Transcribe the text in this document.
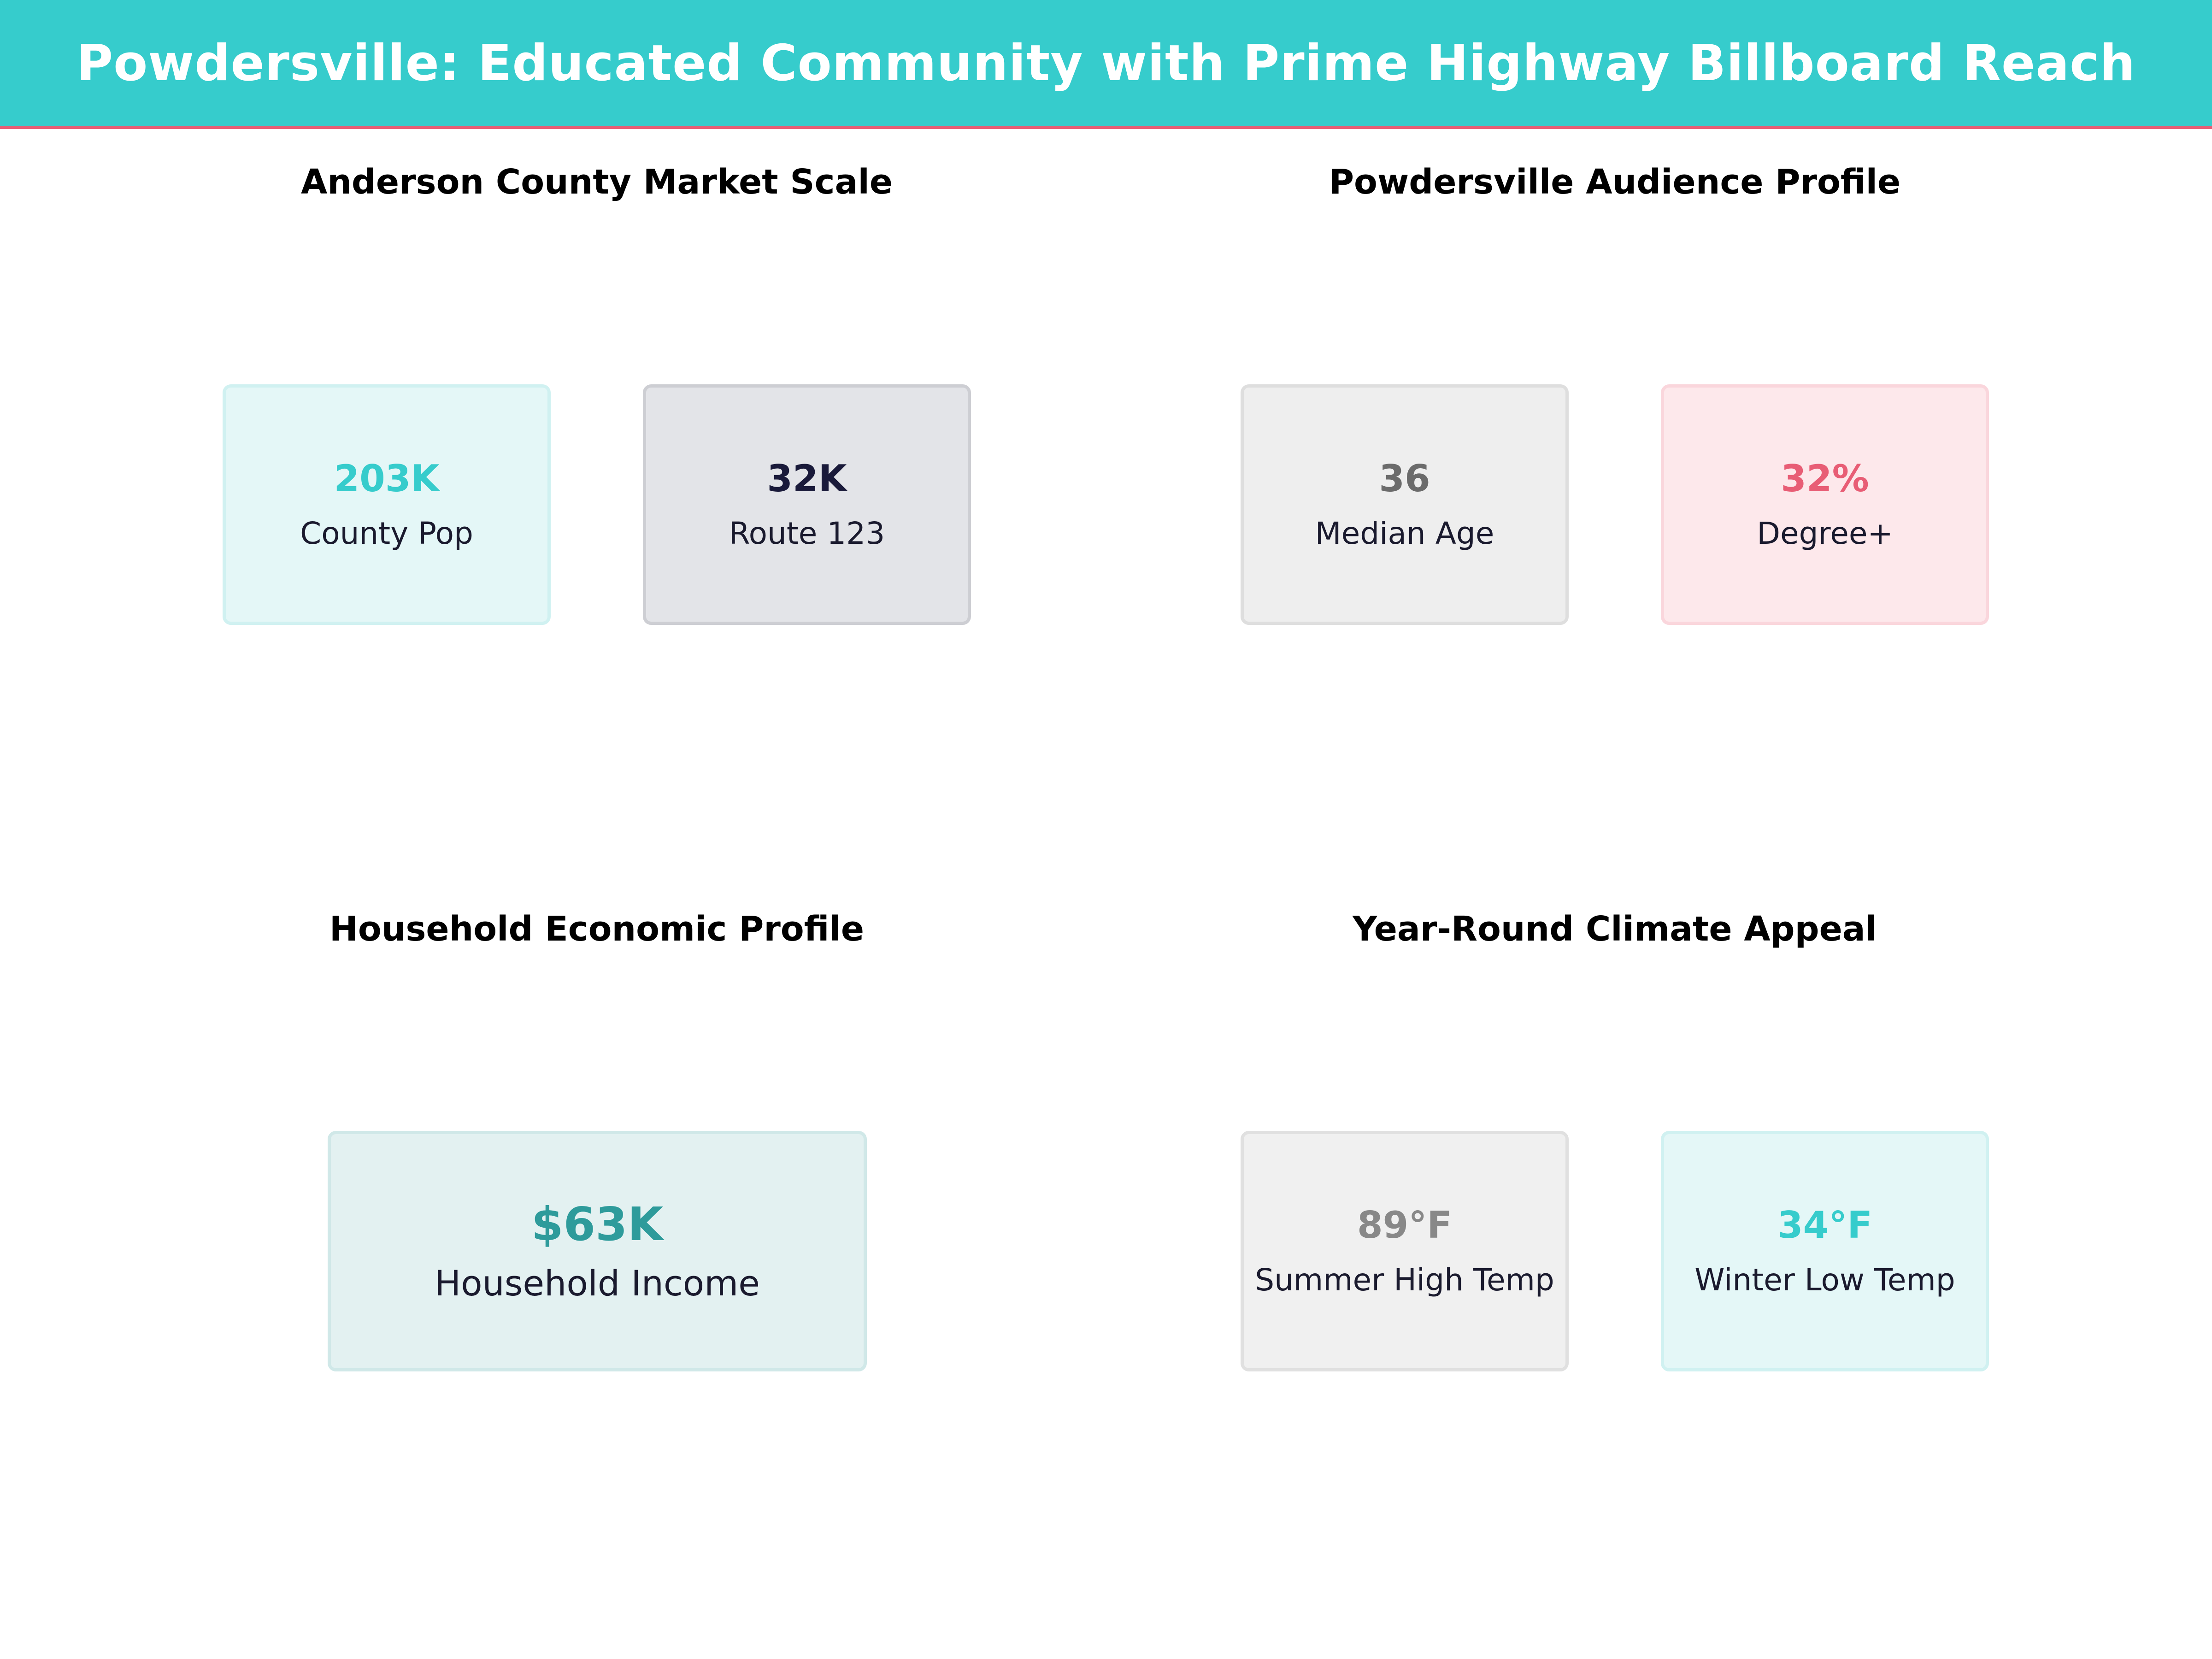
Powdersville: Educated Community with Prime Highway Billboard Reach
Anderson County Market Scale
203K
County Pop
32K
Route 123
Powdersville Audience Profile
36
Median Age
32%
Degree+
Household Economic Profile
$63K
Household Income
Year-Round Climate Appeal
89°F
Summer High Temp
34°F
Winter Low Temp
